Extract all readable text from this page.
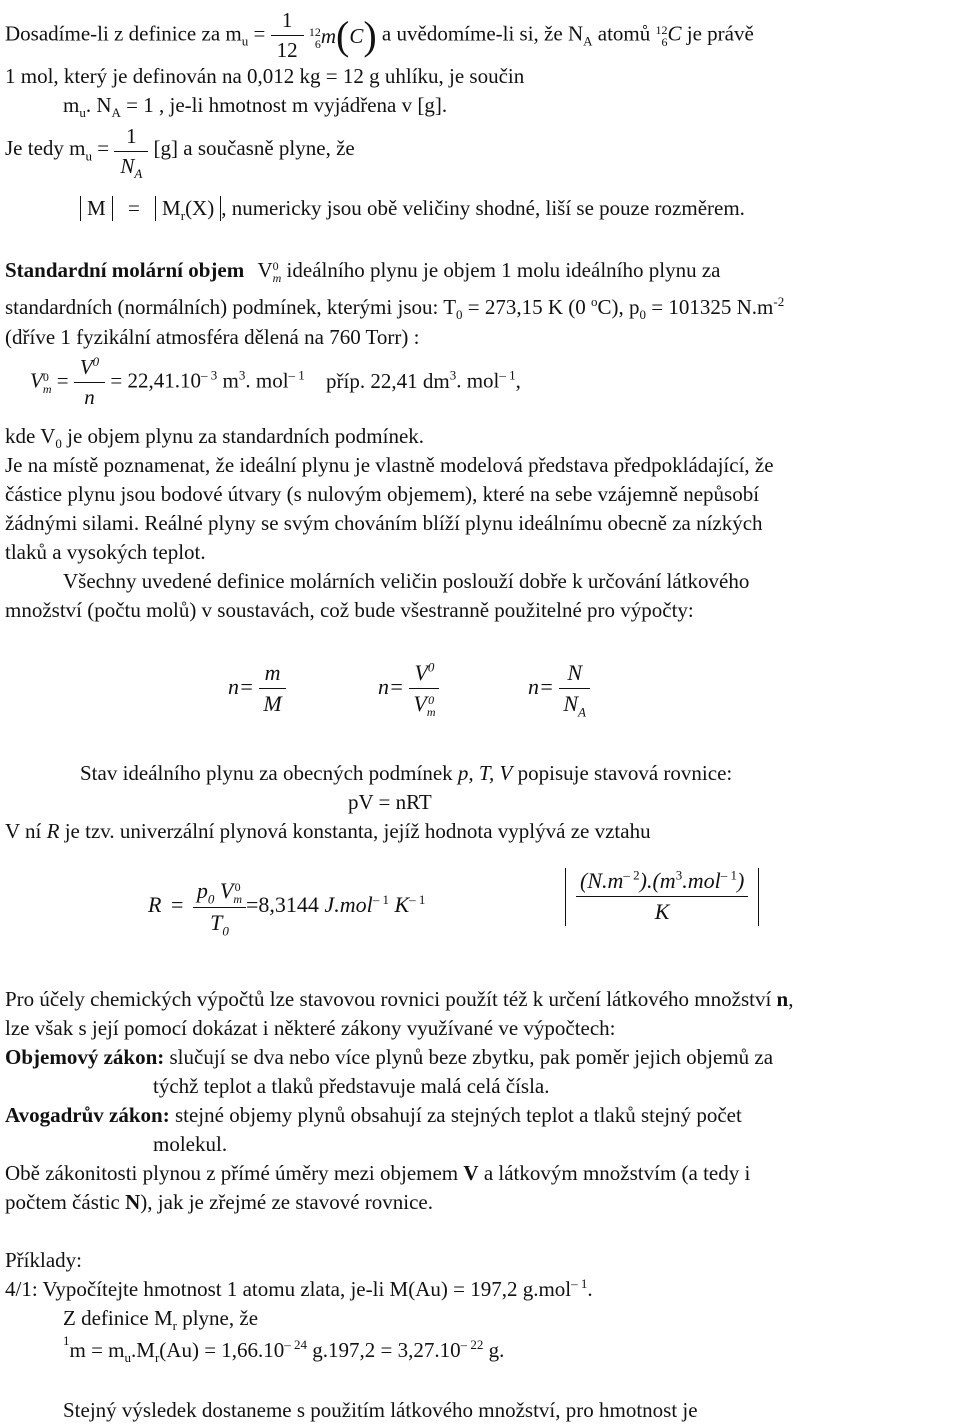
Dosadíme-li z definice za $m_u = \frac{1}{12} 12$
6m(C) a uvědomíme-li si, že $N_A$ atomů 12
6C je právě
1 mol, který je definován na 0,012 kg = 12 g uhlíku, je součin
$m_u$. $N_A = 1$ , je-li hmotnost m vyjádřena v [g].
Je tedy $m_u = \frac{1}{N_A} [g]$ a současně plyne, že
$M = M_r(X)$ , numericky jsou obě veličiny shodné, liší se pouze rozměrem.
Standardní molární objem V0
m ideálního plynu je objem 1 molu ideálního plynu za
standardních (normálních) podmínek, kterými jsou: $T_0 = 273,15$ K (0 $^o$C), $p_0 = 101325$ $N.m^{-2}$
(dříve 1 fyzikální atmosféra dělená na 760 Torr) :
V0
$m = \frac{V^0}{n} = 22,41.10^{- 3}$ $m^3$. mol$^{- 1}$ příp. 22,41 $dm^3$. mol$^{- 1}$,
kde $V_0$ je objem plynu za standardních podmínek.
Je na místě poznamenat, že ideální plynu je vlastně modelová představa předpokládající, že
částice plynu jsou bodové útvary (s nulovým objemem), které na sebe vzájemně nepůsobí
žádnými silami. Reálné plyny se svým chováním blíží plynu ideálnímu obecně za nízkých
tlaků a vysokých teplot.
Všechny uvedené definice molárních veličin poslouží dobře k určování látkového
množství (počtu molů) v soustavách, což bude všestranně použitelné pro výpočty:
$n= \frac{m}{M}$	n=
$V^0$
V0
m
$n= \frac{N}{N_A}$
Stav ideálního plynu za obecných podmínek p, T, V popisuje stavová rovnice:
pV = nRT
V ní R je tzv. univerzální plynová konstanta, jejíž hodnota vyplývá ze vztahu
R =
$p_0$ V0
m
$T_0$
=8,3144 J.mol$^{- 1}$ $K^{- 1}$
$(N.m^{- 2}).(m^3.mol^{- 1})$
K
Pro účely chemických výpočtů lze stavovou rovnici použít též k určení látkového množství n,
lze však s její pomocí dokázat i některé zákony využívané ve výpočtech:
Objemový zákon: slučují se dva nebo více plynů beze zbytku, pak poměr jejich objemů za
týchž teplot a tlaků představuje malá celá čísla.
Avogadrův zákon: stejné objemy plynů obsahují za stejných teplot a tlaků stejný počet
molekul.
Obě zákonitosti plynou z přímé úměry mezi objemem V a látkovým množstvím (a tedy i
počtem částic N), jak je zřejmé ze stavové rovnice.
Příklady:
4/1: Vypočítejte hmotnost 1 atomu zlata, je-li M(Au) = 197,2 g.mol$^{- 1}$.
Z definice $M_r$ plyne, že
$^1m = m_u.M_r(Au) = 1,66.10^{- 24}$ $g.197,2 = 3,27.10^{- 22}$ g.
Stejný výsledek dostaneme s použitím látkového množství, pro hmotnost je
